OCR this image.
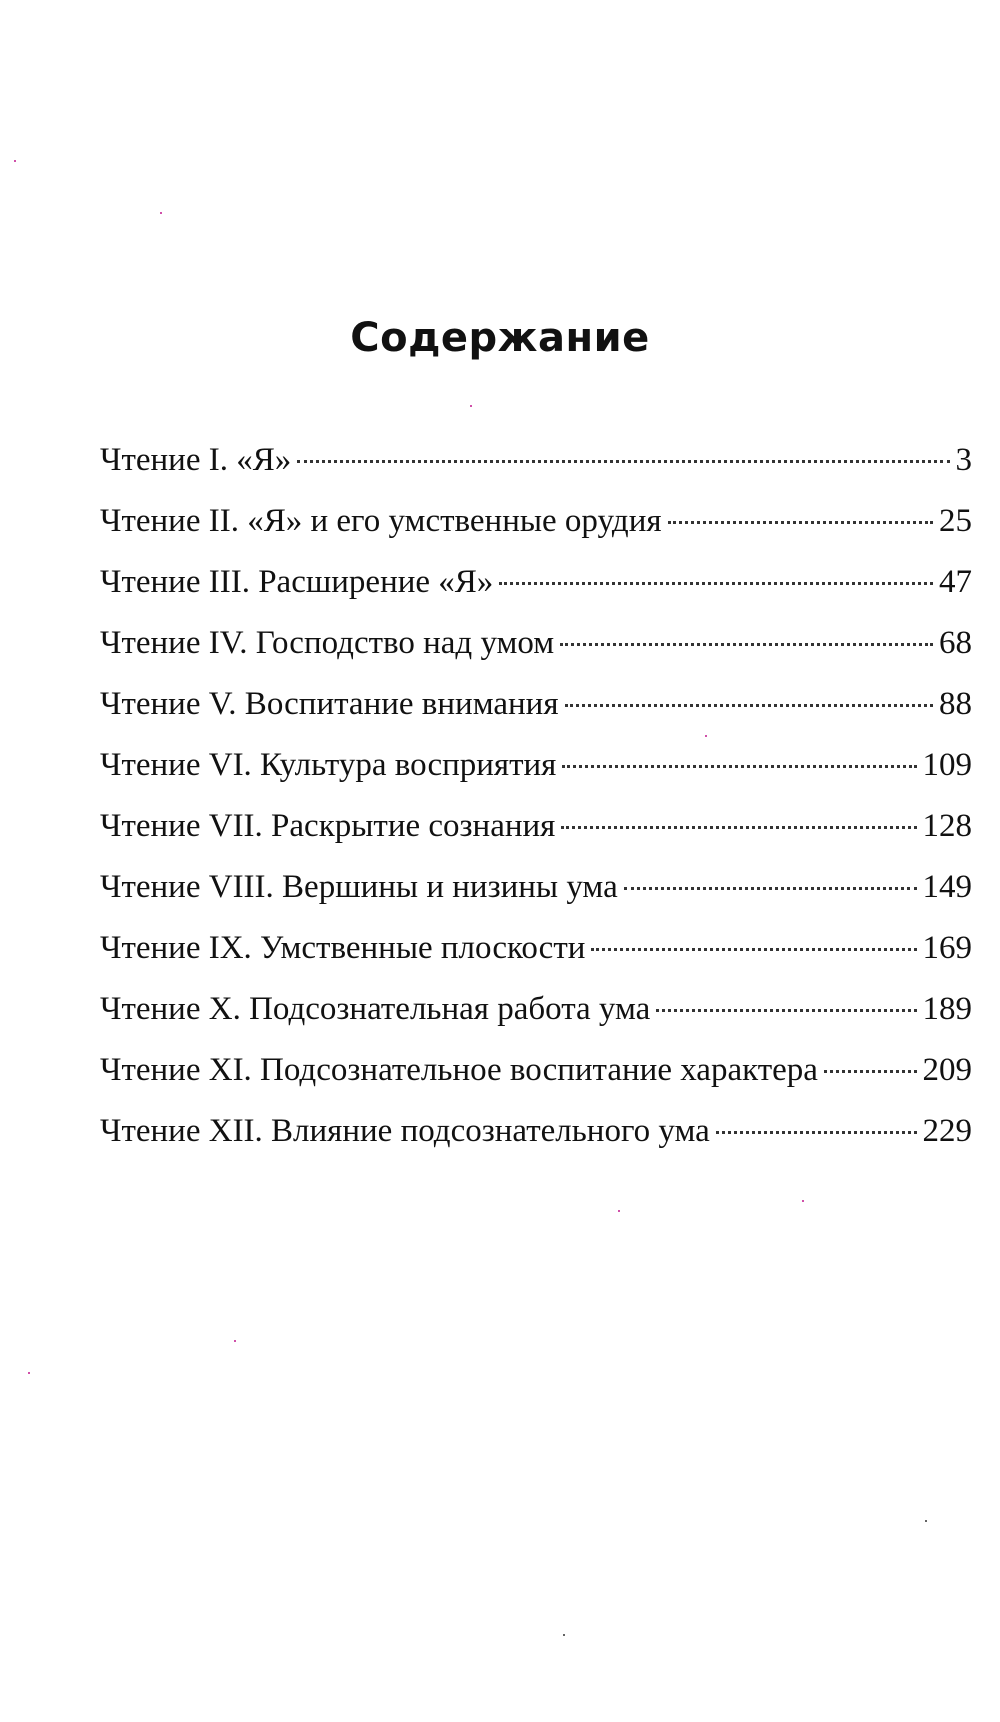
Содержание
Чтение I. «Я»	3
Чтение II. «Я» и его умственные орудия	25
Чтение III. Расширение «Я»	47
Чтение IV. Господство над умом	68
Чтение V. Воспитание внимания	88
Чтение VI. Культура восприятия	109
Чтение VII. Раскрытие сознания	128
Чтение VIII. Вершины и низины ума	149
Чтение IX. Умственные плоскости	169
Чтение X. Подсознательная работа ума	189
Чтение XI. Подсознательное воспитание характера	209
Чтение XII. Влияние подсознательного ума	229
